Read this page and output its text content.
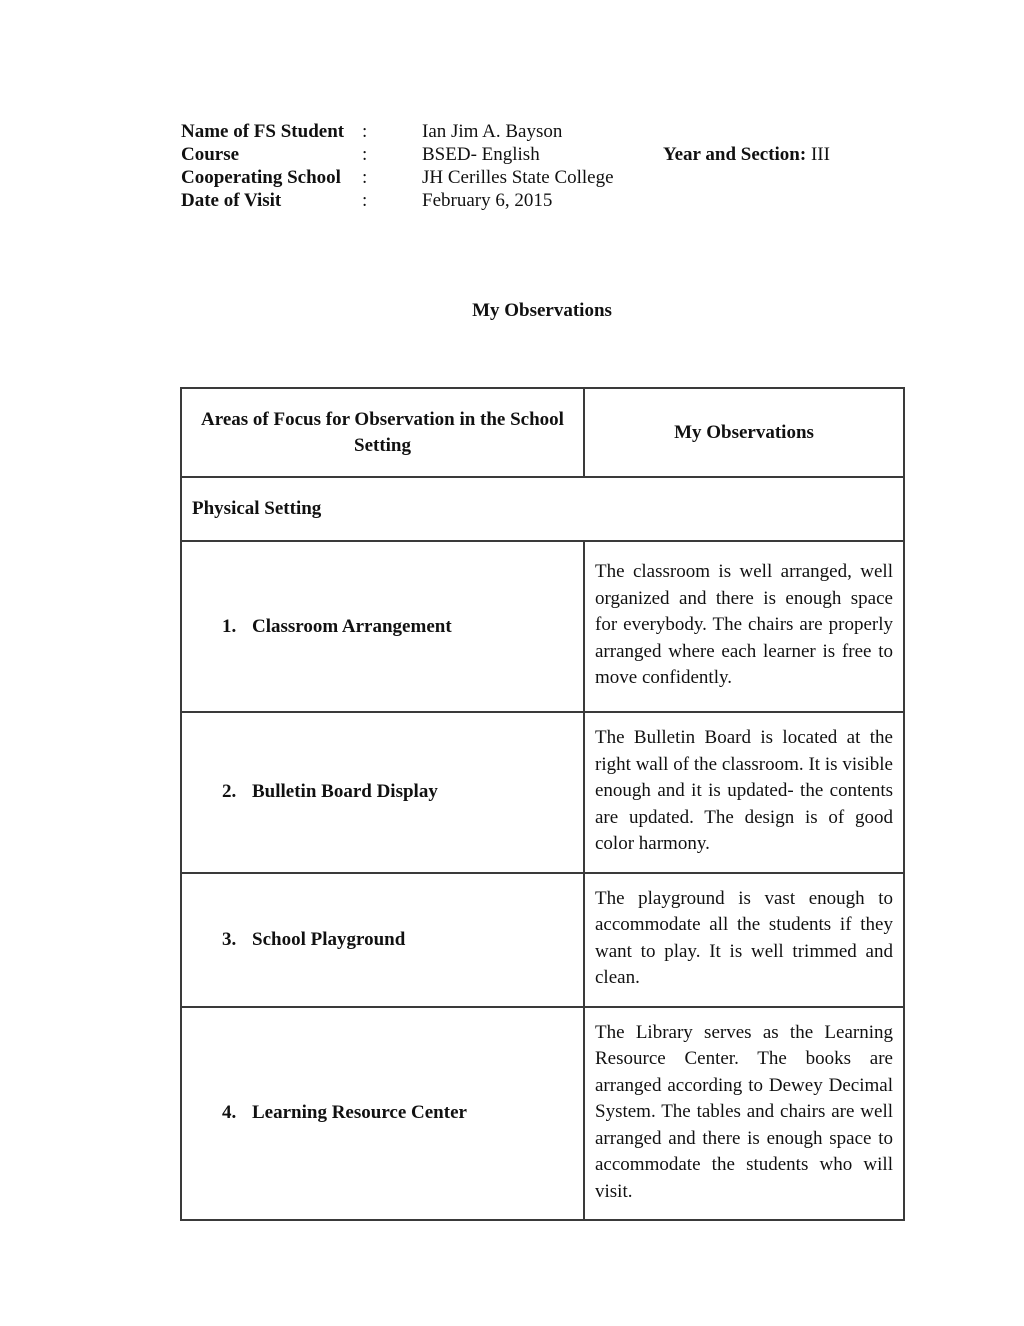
Name of FS Student :	Ian Jim A. Bayson
Course	:	BSED- English	Year and Section: III
Cooperating School :	JH Cerilles State College
Date of Visit	:	February 6, 2015
My Observations
Areas of Focus for Observation in the School Setting	My Observations
Physical Setting	
1. Classroom Arrangement	The classroom is well arranged, well organized and there is enough space for everybody. The chairs are properly arranged where each learner is free to move confidently.
2. Bulletin Board Display	The Bulletin Board is located at the right wall of the classroom. It is visible enough and it is updated- the contents are updated. The design is of good color harmony.
3. School Playground	The playground is vast enough to accommodate all the students if they want to play. It is well trimmed and clean.
4. Learning Resource Center	The Library serves as the Learning Resource Center. The books are arranged according to Dewey Decimal System. The tables and chairs are well arranged and there is enough space to accommodate the students who will visit.
